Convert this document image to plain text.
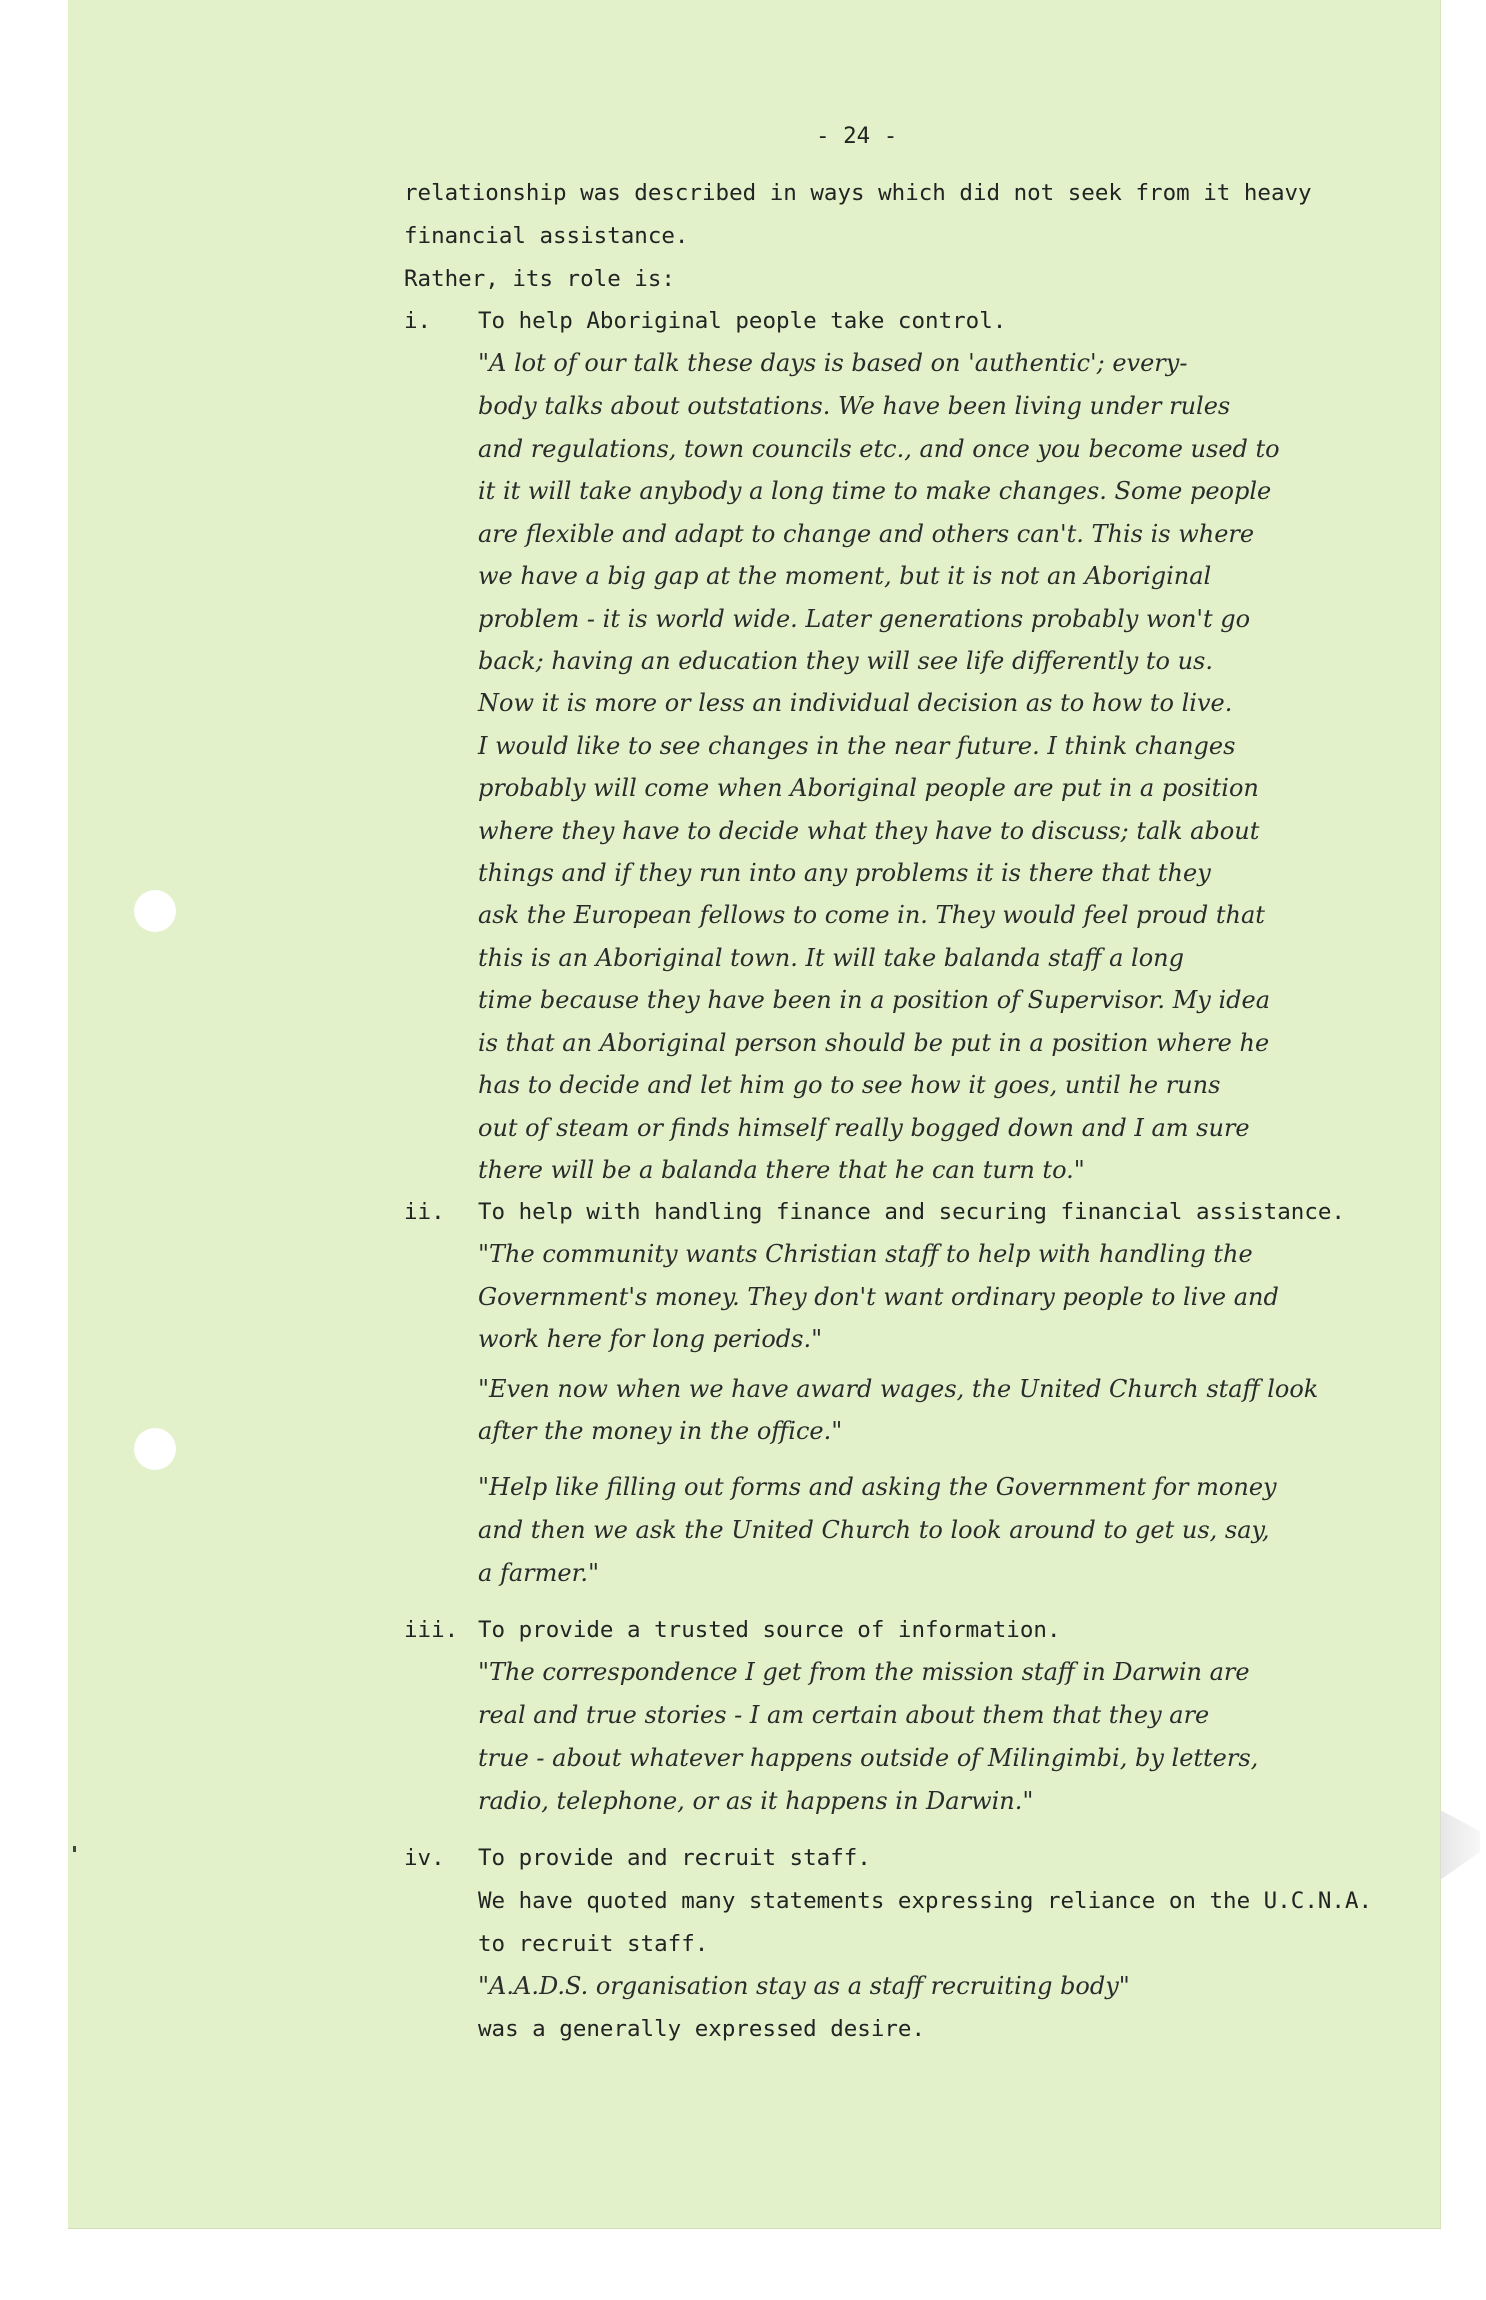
- 24 -
relationship was described in ways which did not seek from it heavy
financial assistance.
Rather, its role is:
i.	To help Aboriginal people take control.
"A lot of our talk these days is based on 'authentic'; every-
body talks about outstations. We have been living under rules
and regulations, town councils etc., and once you become used to
it it will take anybody a long time to make changes. Some people
are flexible and adapt to change and others can't. This is where
we have a big gap at the moment, but it is not an Aboriginal
problem - it is world wide. Later generations probably won't go
back; having an education they will see life differently to us.
Now it is more or less an individual decision as to how to live.
I would like to see changes in the near future. I think changes
probably will come when Aboriginal people are put in a position
where they have to decide what they have to discuss; talk about
things and if they run into any problems it is there that they
ask the European fellows to come in. They would feel proud that
this is an Aboriginal town. It will take balanda staff a long
time because they have been in a position of Supervisor. My idea
is that an Aboriginal person should be put in a position where he
has to decide and let him go to see how it goes, until he runs
out of steam or finds himself really bogged down and I am sure
there will be a balanda there that he can turn to."
ii.	To help with handling finance and securing financial assistance.
"The community wants Christian staff to help with handling the
Government's money. They don't want ordinary people to live and
work here for long periods."
"Even now when we have award wages, the United Church staff look
after the money in the office."
"Help like filling out forms and asking the Government for money
and then we ask the United Church to look around to get us, say,
a farmer."
iii. To provide a trusted source of information.
"The correspondence I get from the mission staff in Darwin are
real and true stories - I am certain about them that they are
true - about whatever happens outside of Milingimbi, by letters,
radio, telephone, or as it happens in Darwin."
iv.	To provide and recruit staff.
We have quoted many statements expressing reliance on the U.C.N.A.
to recruit staff.
"A.A.D.S. organisation stay as a staff recruiting body"
was a generally expressed desire.
